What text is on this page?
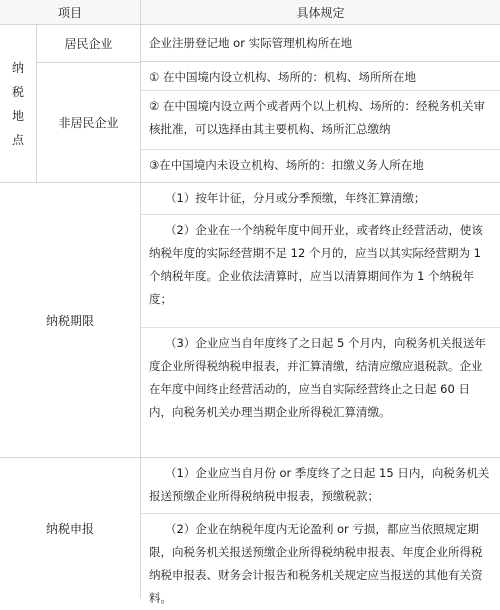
项目	具体规定
纳
税
地
点
居民企业
非居民企业
企业注册登记地 or 实际管理机构所在地
① 在中国境内设立机构、场所的：机构、场所所在地
② 在中国境内设立两个或者两个以上机构、场所的：经税务机关审核批准，可以选择由其主要机构、场所汇总缴纳
③在中国境内未设立机构、场所的：扣缴义务人所在地
纳税期限
（1）按年计征，分月或分季预缴，年终汇算清缴；
（2）企业在一个纳税年度中间开业，或者终止经营活动，使该纳税年度的实际经营期不足 12 个月的，应当以其实际经营期为 1 个纳税年度。企业依法清算时，应当以清算期间作为 1 个纳税年度；
（3）企业应当自年度终了之日起 5 个月内，向税务机关报送年度企业所得税纳税申报表，并汇算清缴，结清应缴应退税款。企业在年度中间终止经营活动的，应当自实际经营终止之日起 60 日内，向税务机关办理当期企业所得税汇算清缴。
纳税申报
（1）企业应当自月份 or 季度终了之日起 15 日内，向税务机关报送预缴企业所得税纳税申报表，预缴税款；
（2）企业在纳税年度内无论盈利 or 亏损，都应当依照规定期限，向税务机关报送预缴企业所得税纳税申报表、年度企业所得税纳税申报表、财务会计报告和税务机关规定应当报送的其他有关资料。
